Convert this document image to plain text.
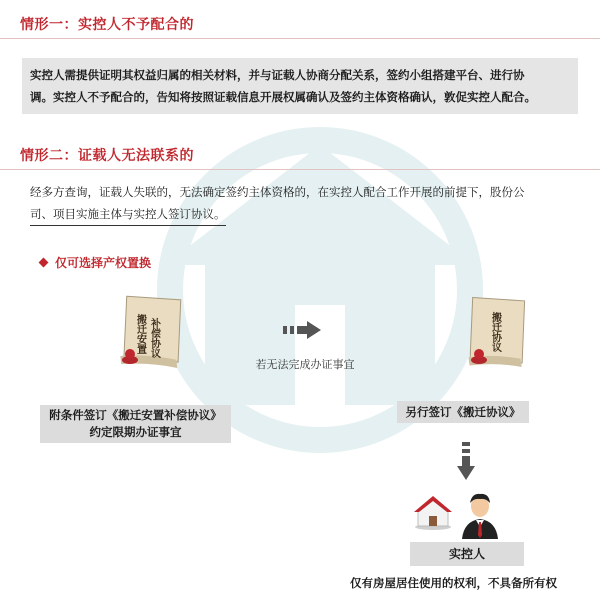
情形一：实控人不予配合的
实控人需提供证明其权益归属的相关材料，并与证载人协商分配关系，签约小组搭建平台、进行协
调。实控人不予配合的，告知将按照证载信息开展权属确认及签约主体资格确认，敦促实控人配合。
情形二：证载人无法联系的
经多方查询，证载人失联的，无法确定签约主体资格的，在实控人配合工作开展的前提下，股份公
司、项目实施主体与实控人签订协议。
仅可选择产权置换
补偿协议
搬迁安置
附条件签订《搬迁安置补偿协议》
约定限期办证事宜
若无法完成办证事宜
搬迁协议
另行签订《搬迁协议》
实控人
仅有房屋居住使用的权利，不具备所有权
